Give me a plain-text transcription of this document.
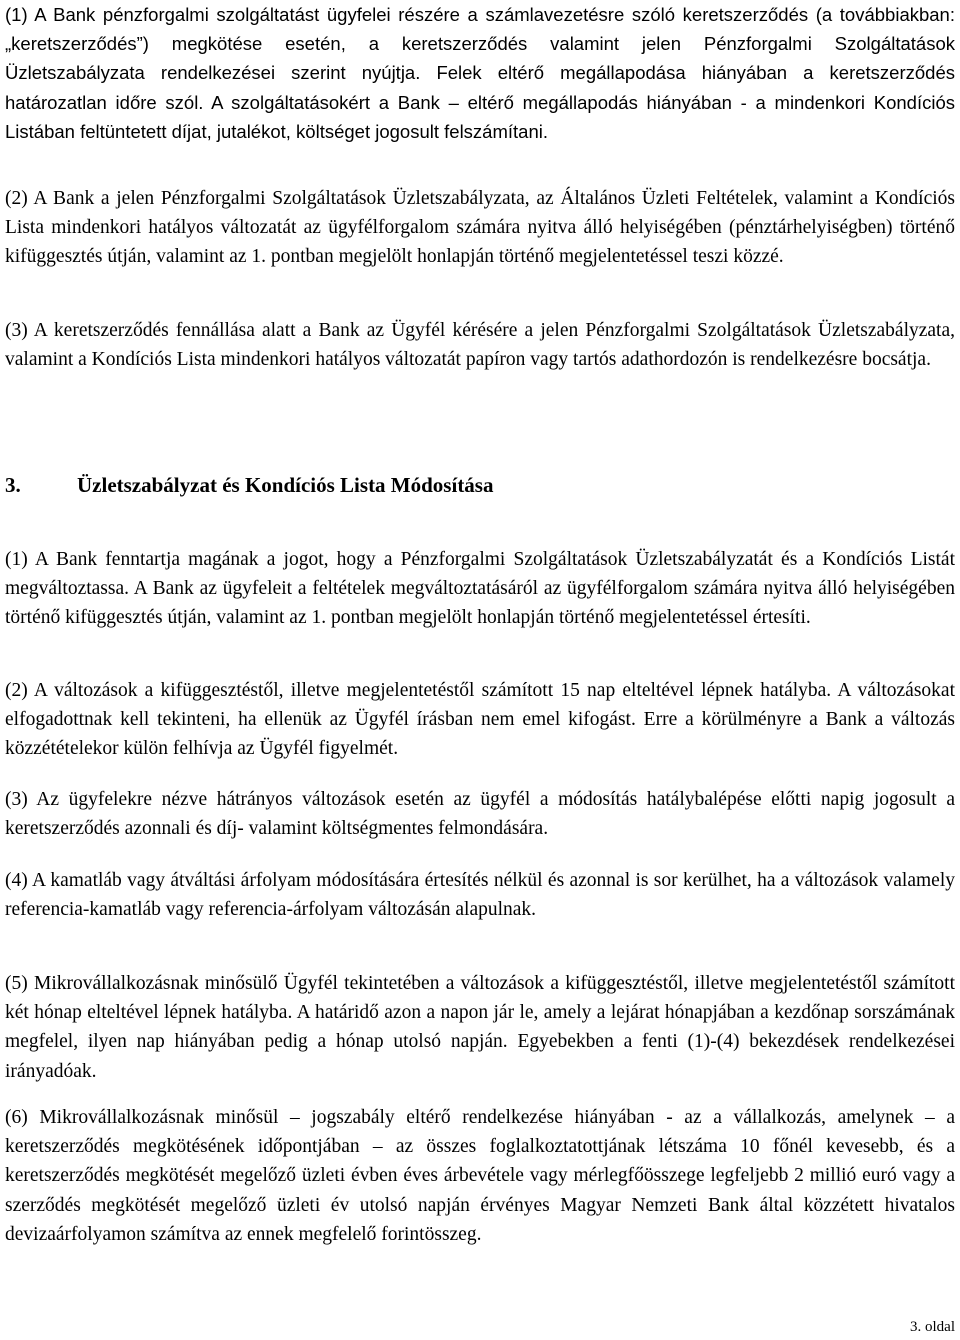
(1) A Bank pénzforgalmi szolgáltatást ügyfelei részére a számlavezetésre szóló keretszerződés (a továbbiakban: „keretszerződés”) megkötése esetén, a keretszerződés valamint jelen Pénzforgalmi Szolgáltatások Üzletszabályzata rendelkezései szerint nyújtja. Felek eltérő megállapodása hiányában a keretszerződés határozatlan időre szól. A szolgáltatásokért a Bank – eltérő megállapodás hiányában - a mindenkori Kondíciós Listában feltüntetett díjat, jutalékot, költséget jogosult felszámítani.

(2) A Bank a jelen Pénzforgalmi Szolgáltatások Üzletszabályzata, az Általános Üzleti Feltételek, valamint a Kondíciós Lista mindenkori hatályos változatát az ügyfélforgalom számára nyitva álló helyiségében (pénztárhelyiségben) történő kifüggesztés útján, valamint az 1. pontban megjelölt honlapján történő megjelentetéssel teszi közzé.

(3) A keretszerződés fennállása alatt a Bank az Ügyfél kérésére a jelen Pénzforgalmi Szolgáltatások Üzletszabályzata, valamint a Kondíciós Lista mindenkori hatályos változatát papíron vagy tartós adathordozón is rendelkezésre bocsátja.

3.	Üzletszabályzat és Kondíciós Lista Módosítása

(1) A Bank fenntartja magának a jogot, hogy a Pénzforgalmi Szolgáltatások Üzletszabályzatát és a Kondíciós Listát megváltoztassa. A Bank az ügyfeleit a feltételek megváltoztatásáról az ügyfélforgalom számára nyitva álló helyiségében történő kifüggesztés útján, valamint az 1. pontban megjelölt honlapján történő megjelentetéssel értesíti.

(2) A változások a kifüggesztéstől, illetve megjelentetéstől számított 15 nap elteltével lépnek hatályba. A változásokat elfogadottnak kell tekinteni, ha ellenük az Ügyfél írásban nem emel kifogást. Erre a körülményre a Bank a változás közzétételekor külön felhívja az Ügyfél figyelmét.

(3) Az ügyfelekre nézve hátrányos változások esetén az ügyfél a módosítás hatálybalépése előtti napig jogosult a keretszerződés azonnali és díj- valamint költségmentes felmondására.

(4) A kamatláb vagy átváltási árfolyam módosítására értesítés nélkül és azonnal is sor kerülhet, ha a változások valamely referencia-kamatláb vagy referencia-árfolyam változásán alapulnak.

(5) Mikrovállalkozásnak minősülő Ügyfél tekintetében a változások a kifüggesztéstől, illetve megjelentetéstől számított két hónap elteltével lépnek hatályba. A határidő azon a napon jár le, amely a lejárat hónapjában a kezdőnap sorszámának megfelel, ilyen nap hiányában pedig a hónap utolsó napján. Egyebekben a fenti (1)-(4) bekezdések rendelkezései irányadóak.

(6) Mikrovállalkozásnak minősül – jogszabály eltérő rendelkezése hiányában - az a vállalkozás, amelynek – a keretszerződés megkötésének időpontjában – az összes foglalkoztatottjának létszáma 10 főnél kevesebb, és a keretszerződés megkötését megelőző üzleti évben éves árbevétele vagy mérlegfőösszege legfeljebb 2 millió euró vagy a szerződés megkötését megelőző üzleti év utolsó napján érvényes Magyar Nemzeti Bank által közzétett hivatalos devizaárfolyamon számítva az ennek megfelelő forintösszeg.

3. oldal
